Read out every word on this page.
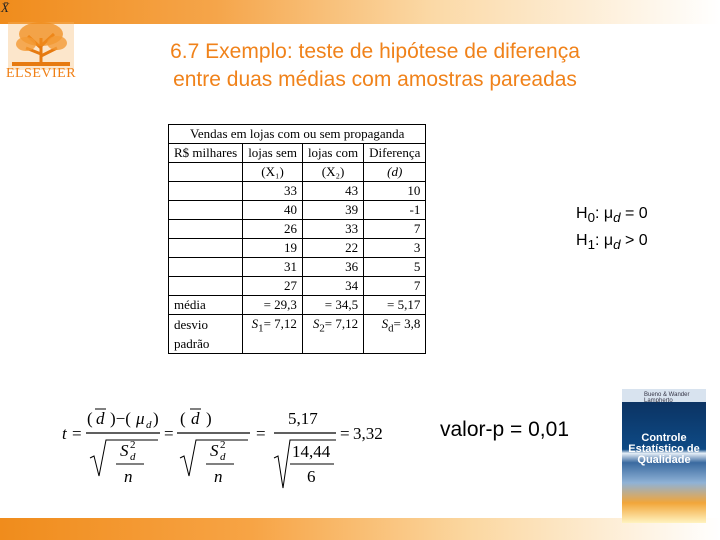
X̄
ELSEVIER
6.7 Exemplo: teste de hipótese de diferença
entre duas médias com amostras pareadas
Vendas em lojas com ou sem propaganda			
R$ milhares	lojas sem	lojas com	Diferença
	(X₁)	(X₂)	(d)
	33	43	10
	40	39	-1
	26	33	7
	19	22	3
	31	36	5
	27	34	7
média	= 29,3	= 34,5	= 5,17

desvio
padrão	$S_1= 7,12$	$S_2= 7,12$	$S_d= 3,8$
$H_0$: $\mu_d = 0$
$H_1$: $\mu_d > 0$
t =
( d )−( μ d )
S 2
d
n
=
( d )
S 2
d
n
=
5,17
14,44
6
= 3,32	valor-p = 0,01
Bueno & Wander Lampherto
Controle
Estatístico de
Qualidade
